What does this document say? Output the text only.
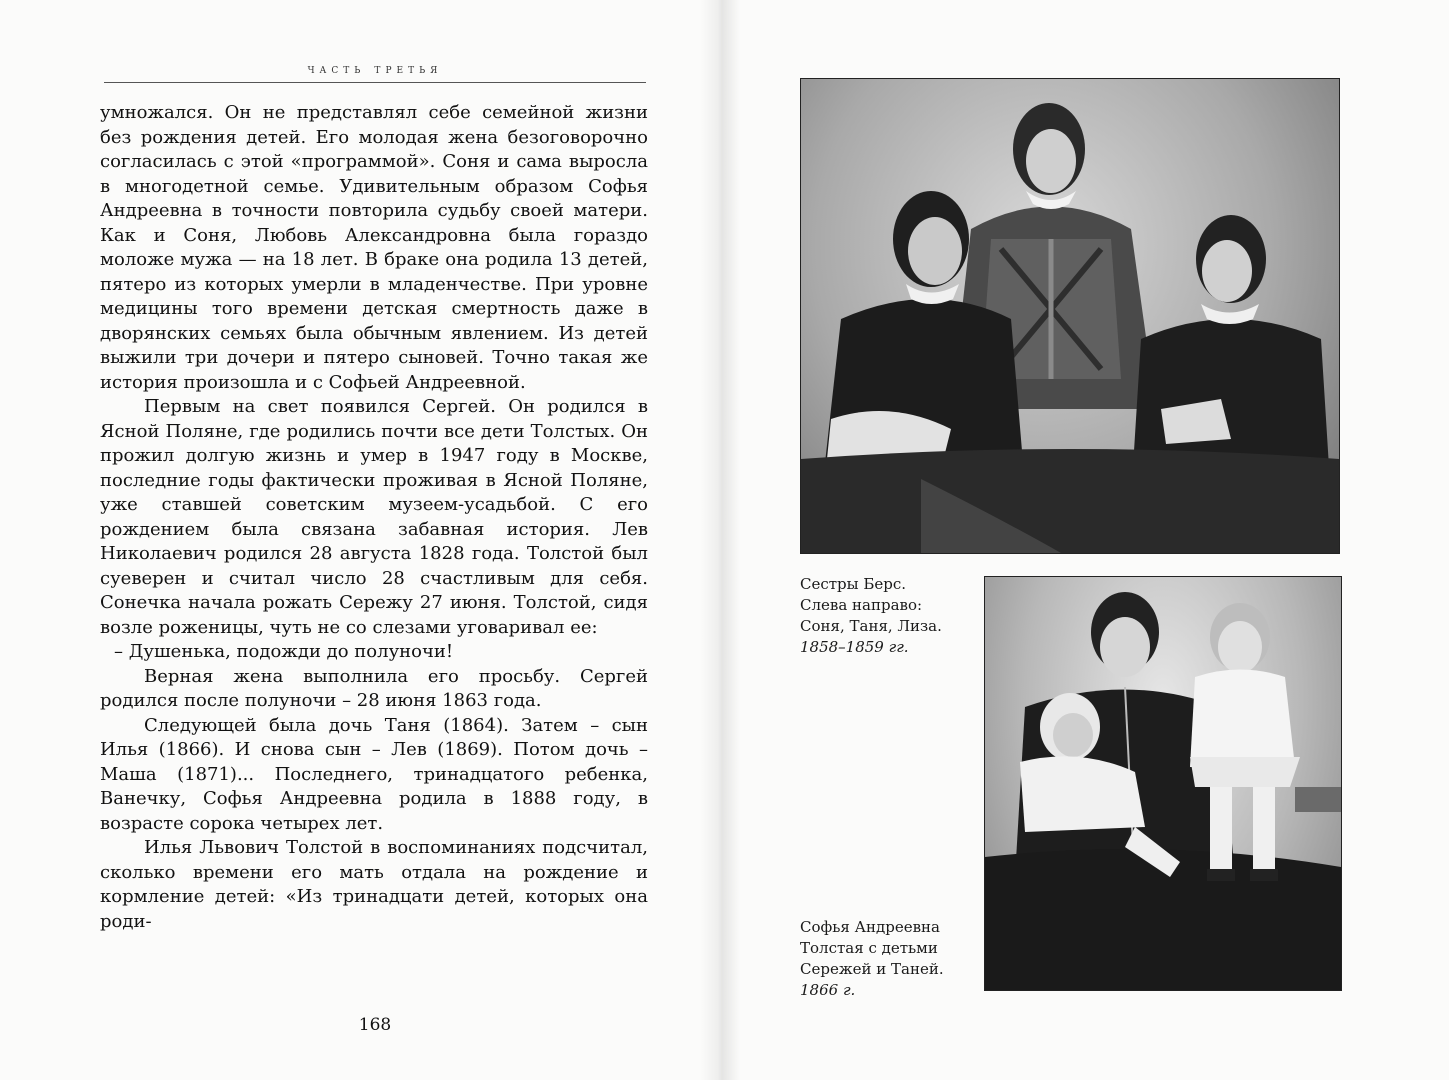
часть третья

умножался. Он не представлял себе семейной жизни без рождения детей. Его молодая жена безоговорочно согласилась с этой «программой». Соня и сама выросла в многодетной семье. Удивительным образом Софья Андреевна в точности повторила судьбу своей матери. Как и Соня, Любовь Александровна была гораздо моложе мужа — на 18 лет. В браке она родила 13 детей, пятеро из которых умерли в младенчестве. При уровне медицины того времени детская смертность даже в дворянских семьях была обычным явлением. Из детей выжили три дочери и пятеро сыновей. Точно такая же история произошла и с Софьей Андреевной.

Первым на свет появился Сергей. Он родился в Ясной Поляне, где родились почти все дети Толстых. Он прожил долгую жизнь и умер в 1947 году в Москве, последние годы фактически проживая в Ясной Поляне, уже ставшей советским музеем-усадьбой. С его рождением была связана забавная история. Лев Николаевич родился 28 августа 1828 года. Толстой был суеверен и считал число 28 счастливым для себя. Сонечка начала рожать Сережу 27 июня. Толстой, сидя возле роженицы, чуть не со слезами уговаривал ее:

– Душенька, подожди до полуночи!

Верная жена выполнила его просьбу. Сергей родился после полуночи – 28 июня 1863 года.

Следующей была дочь Таня (1864). Затем – сын Илья (1866). И снова сын – Лев (1869). Потом дочь – Маша (1871)... Последнего, тринадцатого ребенка, Ванечку, Софья Андреевна родила в 1888 году, в возрасте сорока четырех лет.

Илья Львович Толстой в воспоминаниях подсчитал, сколько времени его мать отдала на рождение и кормление детей: «Из тринадцати детей, которых она роди-

168
Сестры Берс.
Слева направо:
Соня, Таня, Лиза.
1858–1859 гг.
Софья Андреевна
Толстая с детьми
Сережей и Таней.
1866 г.
